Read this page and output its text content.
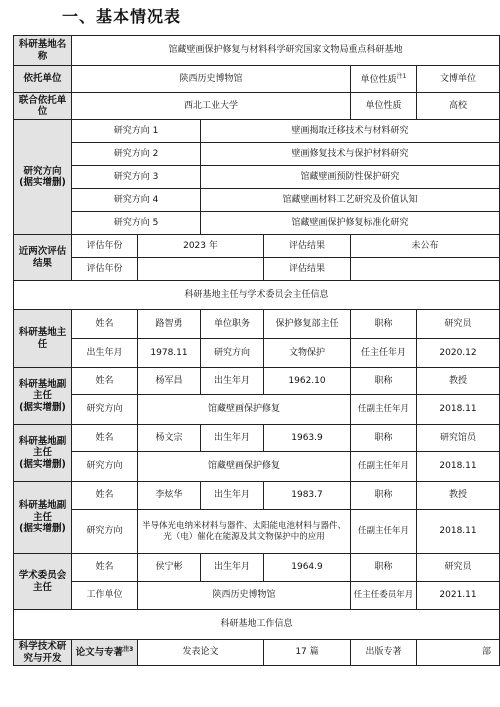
一、基本情况表
科研基地名称	馆藏壁画保护修复与材料科学研究国家文物局重点科研基地					
依托单位	陕西历史博物馆				单位性质$^{注1}$	文博单位
联合依托单位	西北工业大学				单位性质	高校

研究方向
(据实增删)	研究方向 1		壁画揭取迁移技术与材料研究			
	研究方向 2		壁画修复技术与保护材料研究			
	研究方向 3		馆藏壁画预防性保护研究			
	研究方向 4		馆藏壁画材料工艺研究及价值认知			
	研究方向 5		馆藏壁画保护修复标准化研究			
近两次评估结果	评估年份	2023 年		评估结果	未公布	
	评估年份			评估结果		
科研基地主任与学术委员会主任信息						
科研基地主任	姓名	路智勇	单位职务	保护修复部主任	职称	研究员
	出生年月	1978.11	研究方向	文物保护	任主任年月	2020.12

科研基地副主任
(据实增删)	姓名	杨军昌	出生年月	1962.10	职称	教授
	研究方向	馆藏壁画保护修复			任副主任年月	2018.11

科研基地副主任
(据实增删)	姓名	杨文宗	出生年月	1963.9	职称	研究馆员
	研究方向	馆藏壁画保护修复			任副主任年月	2018.11

科研基地副主任
(据实增删)	姓名	李炫华	出生年月	1983.7	职称	教授
	研究方向	半导体光电纳米材料与器件、太阳能电池材料与器件、光（电）催化在能源及其文物保护中的应用			任副主任年月	2018.11
学术委员会主任	姓名	侯宁彬	出生年月	1964.9	职称	研究员
	工作单位	陕西历史博物馆			任主任委员年月	2021.11
科研基地工作信息						
科学技术研究与开发	论文与专著$^{注3}$	发表论文		17 篇	出版专著	部
